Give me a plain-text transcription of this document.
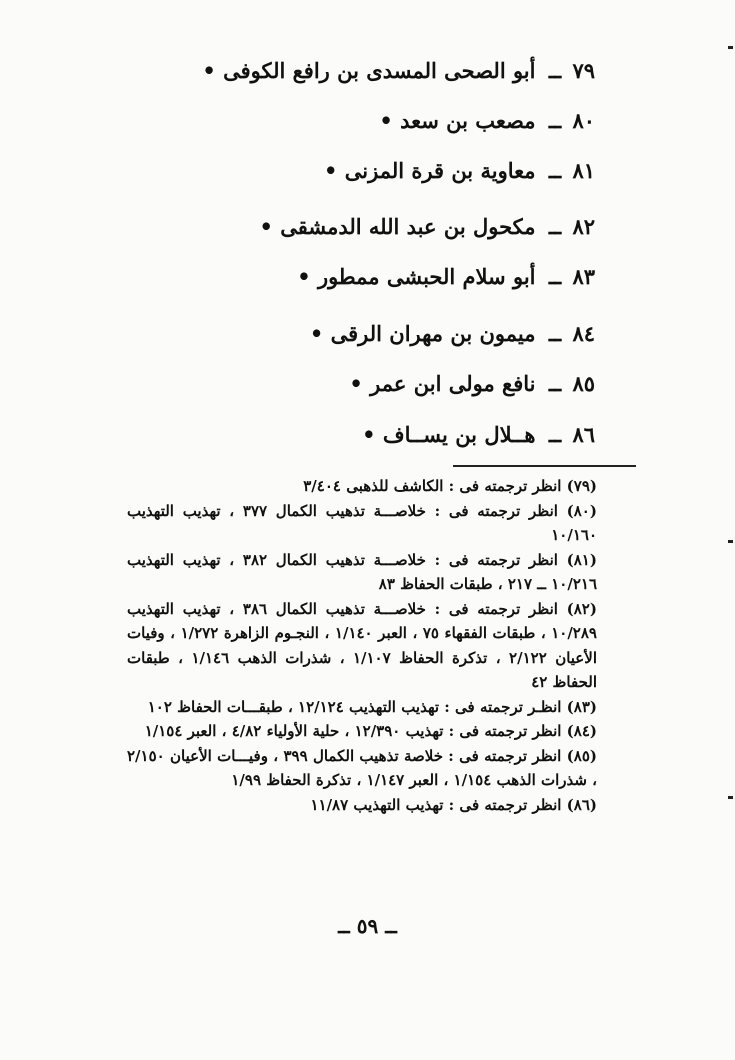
٧٩ ــ أبو الصحى المسدى بن رافع الكوفى •
٨٠ ــ مصعب بن سعد •
٨١ ــ معاوية بن قرة المزنى •
٨٢ ــ مكحول بن عبد الله الدمشقى •
٨٣ ــ أبو سلام الحبشى ممطور •
٨٤ ــ ميمون بن مهران الرقى •
٨٥ ــ نافع مولى ابن عمر •
٨٦ ــ هــلال بن يســاف •

(٧٩) انظر ترجمته فى : الكاشف للذهبى ٣/٤٠٤

(٨٠) انظر ترجمته فى : خلاصـــة تذهيب الكمال ٣٧٧ ، تهذيب التهذيب ١٠/١٦٠

(٨١) انظر ترجمته فى : خلاصـــة تذهيب الكمال ٣٨٢ ، تهذيب التهذيب ١٠/٢١٦ ــ ٢١٧ ، طبقات الحفاظ ٨٣

(٨٢) انظر ترجمته فى : خلاصـــة تذهيب الكمال ٣٨٦ ، تهذيب التهذيب ١٠/٢٨٩ ، طبقات الفقهاء ٧٥ ، العبر ١/١٤٠ ، النجـوم الزاهرة ١/٢٧٢ ، وفيات الأعيان ٢/١٢٢ ، تذكرة الحفاظ ١/١٠٧ ، شذرات الذهب ١/١٤٦ ، طبقات الحفاظ ٤٢

(٨٣) انظـر ترجمته فى : تهذيب التهذيب ١٢/١٢٤ ، طبقـــات الحفاظ ١٠٢

(٨٤) انظر ترجمته فى : تهذيب ١٢/٣٩٠ ، حلية الأولياء ٤/٨٢ ، العبر ١/١٥٤

(٨٥) انظر ترجمته فى : خلاصة تذهيب الكمال ٣٩٩ ، وفيـــات الأعيان ٢/١٥٠ ، شذرات الذهب ١/١٥٤ ، العبر ١/١٤٧ ، تذكرة الحفاظ ١/٩٩

(٨٦) انظر ترجمته فى : تهذيب التهذيب ١١/٨٧

ــ ٥٩ ــ
